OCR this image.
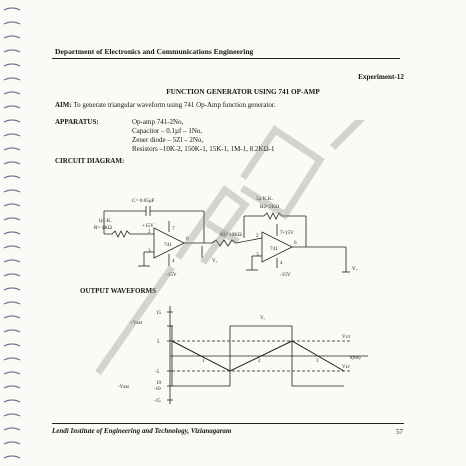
Department of Electronics and Communications Engineering
Experiment-12
FUNCTION GENERATOR USING 741 OP-AMP
AIM: To generate triangular waveform using 741 Op-Amp function generator.
APPARATUS:	Op-amp 741-2No,
Capacitor – 0.1µf – 1No,
Zener diode – 5Zl – 2No,
Resistors –10K-2, 150K-1, 15K-1, 1M-1, 8.2KΩ-1
CIRCUIT DIAGRAM:
C= 0.05µF
1(∕c.K.
R= 1KΩ	+15V
-15V
741
R1=10KΩ
5µ K.K.
R2=2KΩ
+15V
-15V
741
Vₒ
Vₒ
7
2
3
4
6
7
2
3
4
6
OUTPUT WAVEFORMS
+Vsat
-Vsat
15
10
5
-5
-10
-15
Vₒ
Vᴜᴛ
Vʟᴛ
t(ms)
1	2	3
Lendi Institute of Engineering and Technology, Vizianagaram	57
